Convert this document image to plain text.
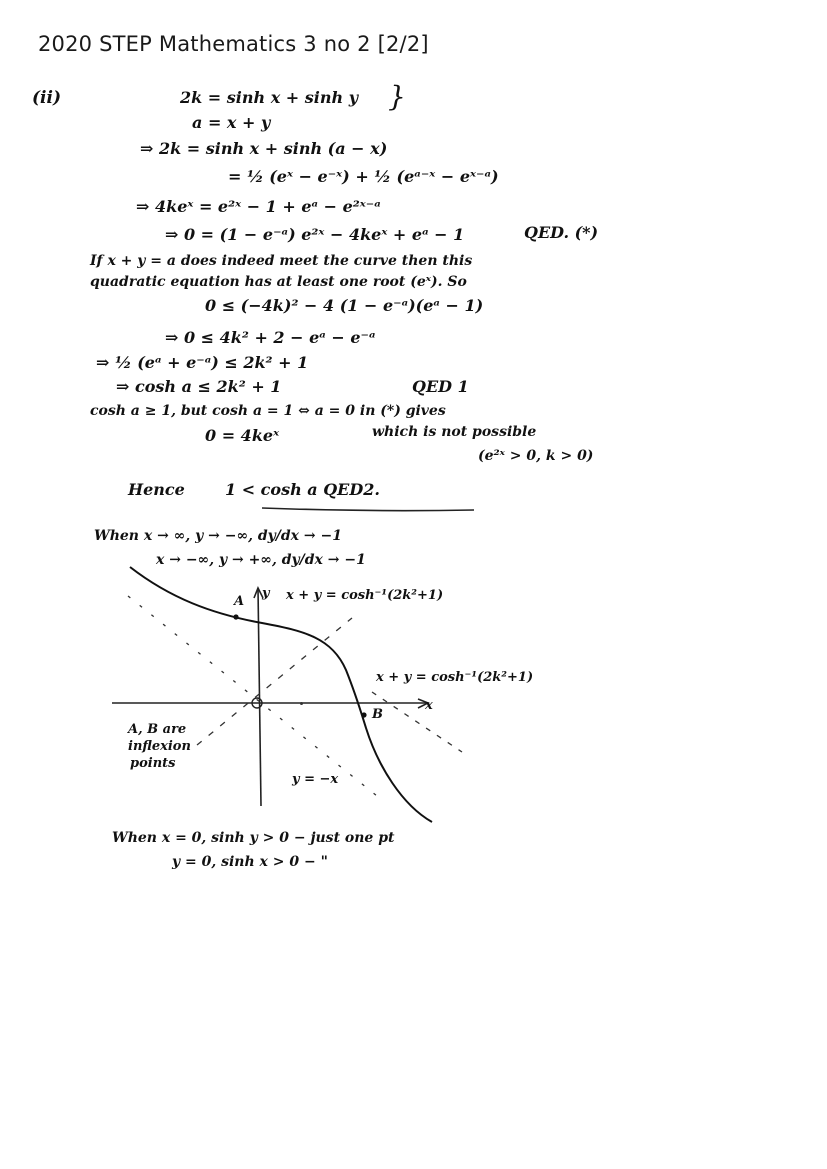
2020 STEP Mathematics 3 no 2 [2/2]
(ii)	2k = sinh x + sinh y }
a = x + y
⇒ 2k = sinh x + sinh (a − x)
= ½ (eˣ − e⁻ˣ) + ½ (eᵃ⁻ˣ − eˣ⁻ᵃ)
⇒ 4keˣ = e²ˣ − 1 + eᵃ − e²ˣ⁻ᵃ
⇒ 0 = (1 − e⁻ᵃ) e²ˣ − 4keˣ + eᵃ − 1	QED. (*)
If x + y = a does indeed meet the curve then this
quadratic equation has at least one root (eˣ). So
0 ≤ (−4k)² − 4 (1 − e⁻ᵃ)(eᵃ − 1)
⇒ 0 ≤ 4k² + 2 − eᵃ − e⁻ᵃ
⇒ ½ (eᵃ + e⁻ᵃ) ≤ 2k² + 1
⇒ cosh a ≤ 2k² + 1	QED 1
cosh a ≥ 1, but cosh a = 1 ⇔ a = 0 in (*) gives
0 = 4keˣ	which is not possible
(e²ˣ > 0, k > 0)
Hence	1 < cosh a QED2.
When x → ∞, y → −∞, dy/dx → −1
x → −∞, y → +∞, dy/dx → −1
A
y x + y = cosh⁻¹(2k²+1)
x + y = cosh⁻¹(2k²+1)
x
B
y = −x
A, B are
inflexion
points
When x = 0, sinh y > 0 − just one pt
y = 0, sinh x > 0 − "
